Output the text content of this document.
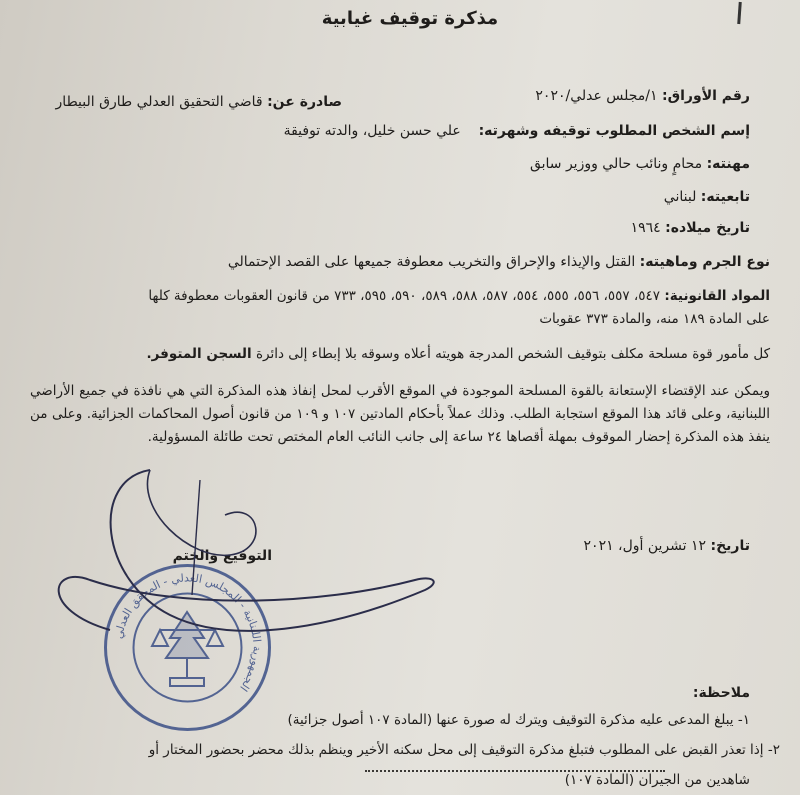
مذكرة توقيف غيابية
رقم الأوراق: ١/مجلس عدلي/٢٠٢٠
صادرة عن: قاضي التحقيق العدلي طارق البيطار
إسم الشخص المطلوب توقيفه وشهرته:    علي حسن خليل، والدته توفيقة
مهنته: محامٍ ونائب حالي ووزير سابق
تابعيته: لبناني
تاريخ ميلاده: ١٩٦٤
نوع الجرم وماهيته: القتل والإيذاء والإحراق والتخريب معطوفة جميعها على القصد الإحتمالي
المواد القانونية: ٥٤٧، ٥٥٧، ٥٥٦، ٥٥٥، ٥٥٤، ٥٨٧، ٥٨٨، ٥٨٩، ٥٩٠، ٥٩٥، ٧٣٣ من قانون العقوبات معطوفة كلها
على المادة ١٨٩ منه، والمادة ٣٧٣ عقوبات
كل مأمور قوة مسلحة مكلف بتوقيف الشخص المدرجة هويته أعلاه وسوقه بلا إبطاء إلى دائرة السجن المتوفر.
ويمكن عند الإقتضاء الإستعانة بالقوة المسلحة الموجودة في الموقع الأقرب لمحل إنفاذ هذه المذكرة التي هي نافذة في جميع الأراضي اللبنانية، وعلى قائد هذا الموقع استجابة الطلب. وذلك عملاً بأحكام المادتين ١٠٧ و ١٠٩ من قانون أصول المحاكمات الجزائية. وعلى من ينفذ هذه المذكرة إحضار الموقوف بمهلة أقصاها ٢٤ ساعة إلى جانب النائب العام المختص تحت طائلة المسؤولية.
تاريخ: ١٢ تشرين أول، ٢٠٢١
التوقيع والختم
الجمهورية اللبنانية - المجلس العدلي - المحقق العدلي	ملاحظة:
١- يبلغ المدعى عليه مذكرة التوقيف ويترك له صورة عنها (المادة ١٠٧ أصول جزائية)
٢- إذا تعذر القبض على المطلوب فتبلغ مذكرة التوقيف إلى محل سكنه الأخير وينظم بذلك محضر بحضور المختار أو
شاهدين من الجيران (المادة ١٠٧)
